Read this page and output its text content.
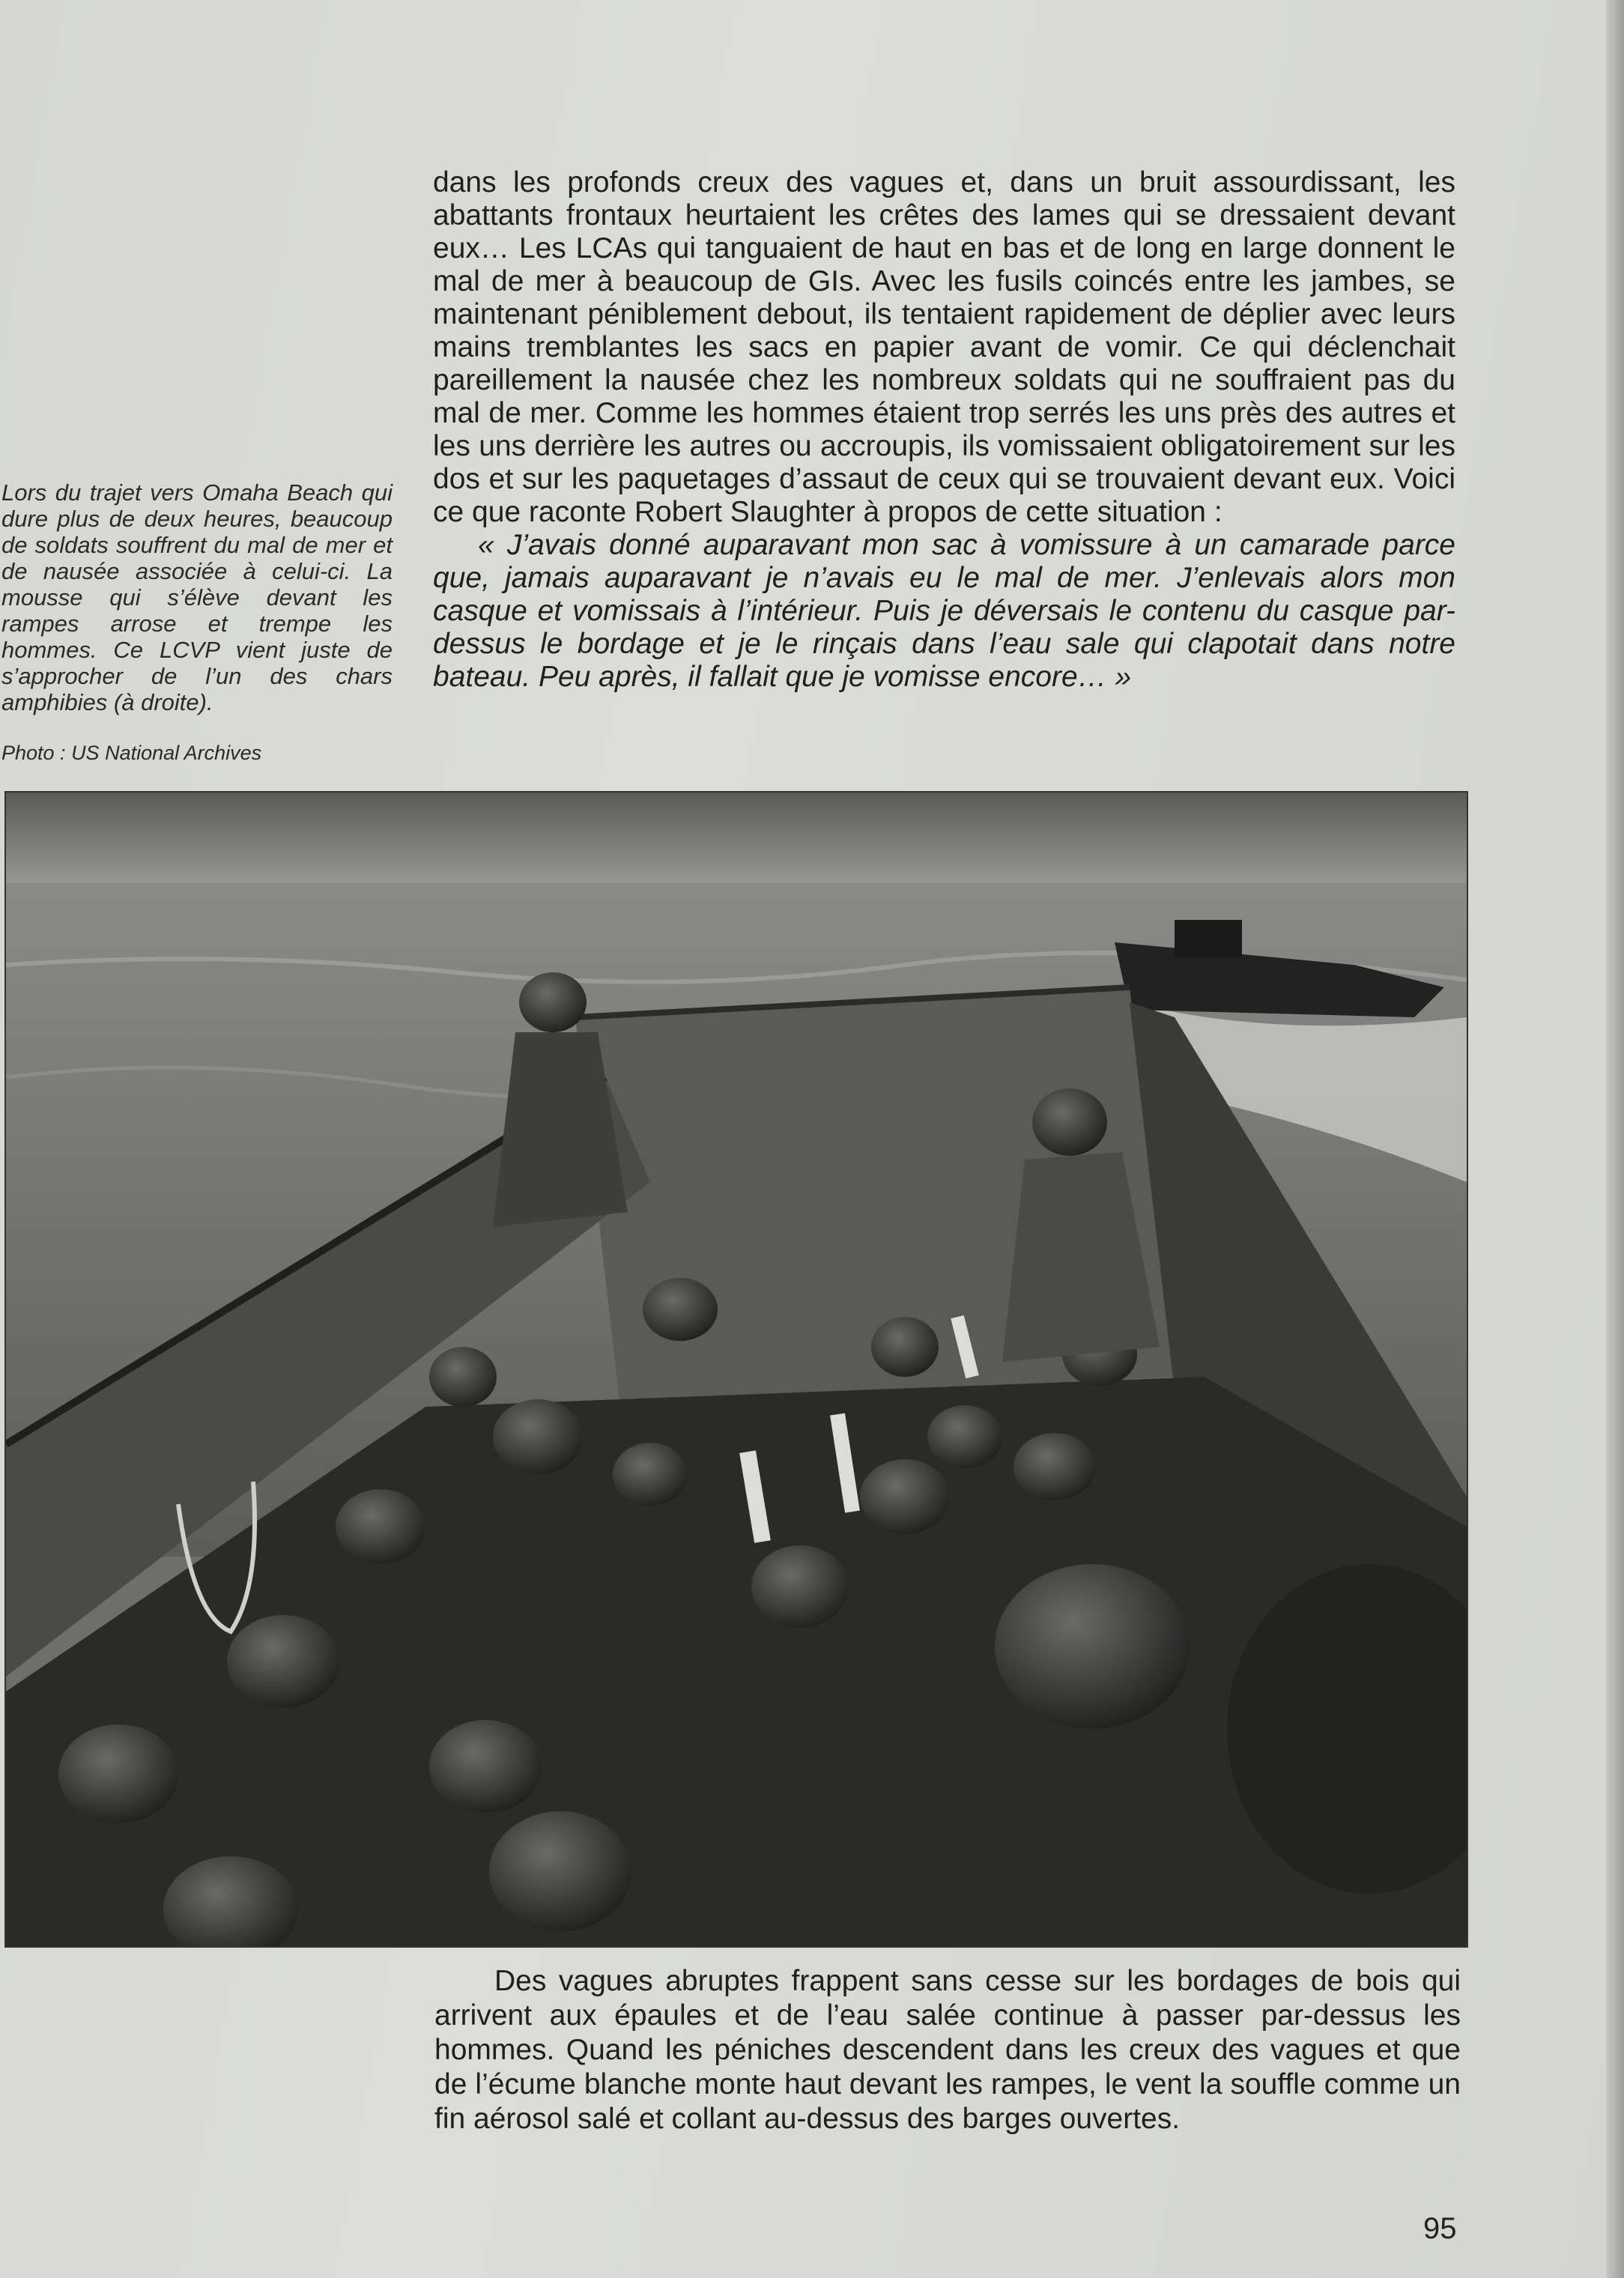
dans les profonds creux des vagues et, dans un bruit assourdissant, les abattants frontaux heurtaient les crêtes des lames qui se dressaient devant eux… Les LCAs qui tanguaient de haut en bas et de long en large donnent le mal de mer à beaucoup de GIs. Avec les fusils coincés entre les jambes, se maintenant péniblement debout, ils tentaient rapidement de déplier avec leurs mains tremblantes les sacs en papier avant de vomir. Ce qui déclenchait pareillement la nausée chez les nombreux soldats qui ne souffraient pas du mal de mer. Comme les hommes étaient trop serrés les uns près des autres et les uns derrière les autres ou accroupis, ils vomissaient obligatoirement sur les dos et sur les paquetages d’assaut de ceux qui se trouvaient devant eux. Voici ce que raconte Robert Slaughter à propos de cette situation :

« J’avais donné auparavant mon sac à vomissure à un camarade parce que, jamais auparavant je n’avais eu le mal de mer. J’enlevais alors mon casque et vomissais à l’intérieur. Puis je déversais le contenu du casque par-dessus le bordage et je le rinçais dans l’eau sale qui clapotait dans notre bateau. Peu après, il fallait que je vomisse encore… »

Lors du trajet vers Omaha Beach qui dure plus de deux heures, beaucoup de soldats souffrent du mal de mer et de nausée associée à celui-ci. La mousse qui s’élève devant les rampes arrose et trempe les hommes. Ce LCVP vient juste de s’approcher de l’un des chars amphibies (à droite).

Photo : US National Archives

Des vagues abruptes frappent sans cesse sur les bordages de bois qui arrivent aux épaules et de l’eau salée continue à passer par-dessus les hommes. Quand les péniches descendent dans les creux des vagues et que de l’écume blanche monte haut devant les rampes, le vent la souffle comme un fin aérosol salé et collant au-dessus des barges ouvertes.

95
